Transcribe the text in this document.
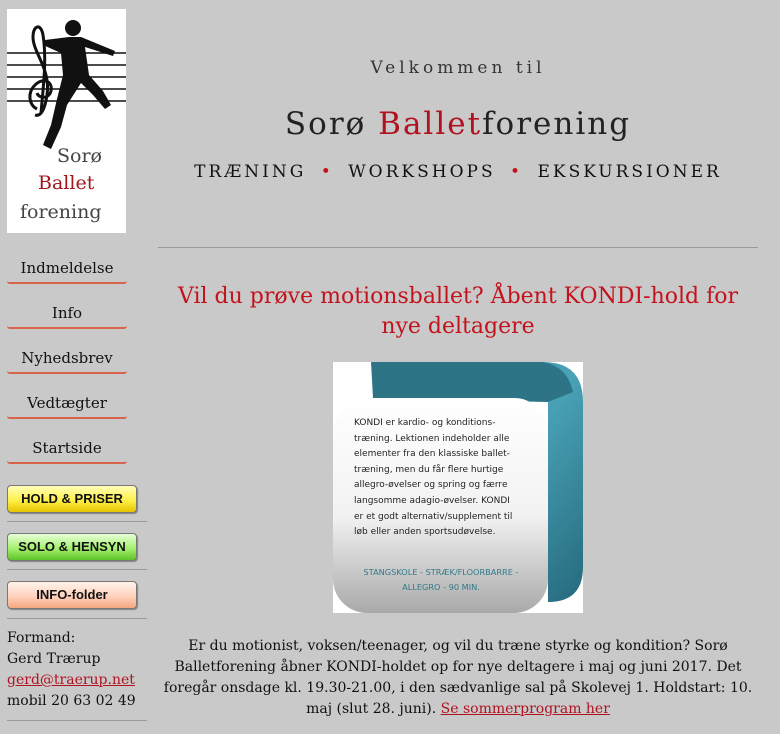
Sorø
Ballet
forening
Indmeldelse
Info
Nyhedsbrev
Vedtægter
Startside
HOLD & PRISER
SOLO & HENSYN
INFO-folder
Formand:
Gerd Trærup
gerd@traerup.net
mobil 20 63 02 49
Velkommen til
Sorø Balletforening
TRÆNING • WORKSHOPS • EKSKURSIONER
Vil du prøve motionsballet? Åbent KONDI-hold for nye deltagere
KONDI er kardio- og konditions-
træning. Lektionen indeholder alle
elementer fra den klassiske ballet-
træning, men du får flere hurtige
allegro-øvelser og spring og færre
langsomme adagio-øvelser. KONDI
er et godt alternativ/supplement til
løb eller anden sportsudøvelse.
STANGSKOLE - STRÆK/FLOORBARRE -
ALLEGRO - 90 MIN.
Er du motionist, voksen/teenager, og vil du træne styrke og kondition? Sorø Balletforening åbner KONDI-holdet op for nye deltagere i maj og juni 2017. Det foregår onsdage kl. 19.30-21.00, i den sædvanlige sal på Skolevej 1. Holdstart: 10. maj (slut 28. juni). Se sommerprogram her
